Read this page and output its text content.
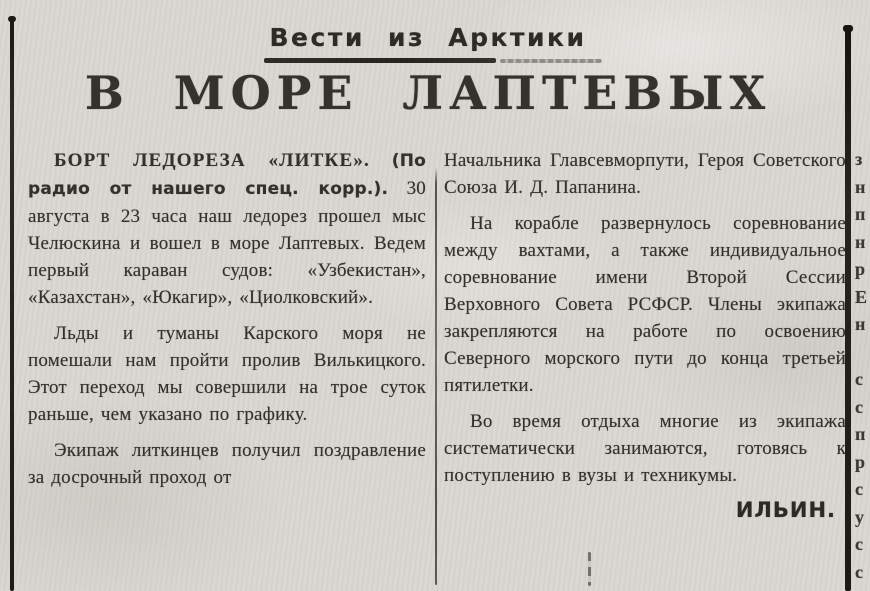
з
н
п
н
р
Е
н
с
с
п
р
с
у
с
с
Вести из Арктики
В МОРЕ ЛАПТЕВЫХ

БОРТ ЛЕДОРЕЗА «ЛИТКЕ». (По радио от нашего спец. корр.). 30 августа в 23 часа наш ледорез прошел мыс Челюскина и вошел в море Лаптевых. Ведем первый караван судов: «Узбекистан», «Казахстан», «Юкагир», «Циолковский».

Льды и туманы Карского моря не помешали нам пройти пролив Вилькицкого. Этот переход мы совершили на трое суток раньше, чем указано по графику.

Экипаж литкинцев получил поздравление за досрочный проход от

Начальника Главсевморпути, Героя Советского Союза И. Д. Папанина.

На корабле развернулось соревнование между вахтами, а также индивидуальное соревнование имени Второй Сессии Верховного Совета РСФСР. Члены экипажа закрепляются на работе по освоению Северного морского пути до конца третьей пятилетки.

Во время отдыха многие из экипажа систематически занимаются, готовясь к поступлению в вузы и техникумы.

ИЛЬИН.
